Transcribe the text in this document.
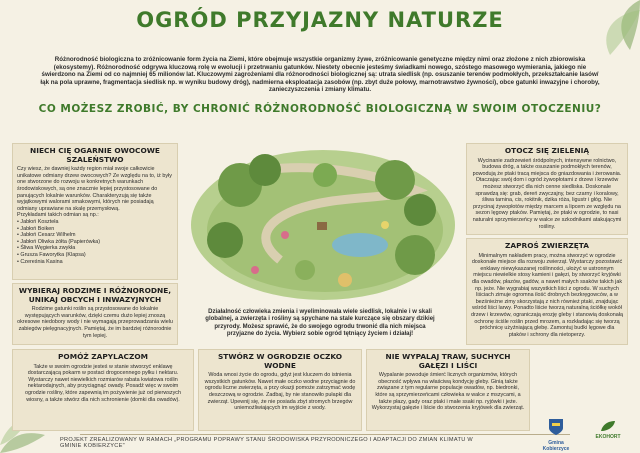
OGRÓD PRZYJAZNY NATURZE
Różnorodność biologiczna to zróżnicowanie form życia na Ziemi, które obejmuje wszystkie organizmy żywe, zróżnicowanie genetyczne między nimi oraz złożone z nich zbiorowiska (ekosystemy). Różnorodność odgrywa kluczową rolę w ewolucji i przetrwaniu gatunków. Niestety obecnie jesteśmy świadkami nowego, szóstego masowego wymierania, jakiego nie świerdzono na Ziemi od co najmniej 65 milionów lat. Kluczowymi zagrożeniami dla różnorodności biologicznej są: utrata siedlisk (np. osuszanie terenów podmokłych, przekształcanie lasów/łąk na pola uprawne, fragmentacja siedlisk np. w wyniku budowy dróg), nadmierna eksploatacja zasobów (np. zbyt duże połowy, marnotrawstwo żywności), obce gatunki inwazyjne i choroby, zanieczyszczenia i zmiany klimatu.
CO MOŻESZ ZROBIĆ, BY CHRONIĆ RÓŻNORODNOŚĆ BIOLOGICZNĄ W SWOIM OTOCZENIU?
NIECH CIĘ OGARNIE OWOCOWE SZALEŃSTWO

Czy wiesz, że dawniej każdy region miał swoje całkowicie unikatowe odmiany drzew owocowych? Ze względu na to, iż były one stworzone do rozwoju w konkretnych warunkach środowiskowych, są one znacznie lepiej przystosowane do panujących lokalnie warunków. Charakteryzują się także wyjątkowymi walorami smakowymi, których nie posiadają odmiany uprawiane na skalę przemysłową.

Przykładami takich odmian są np.:

• Jabłoń Koszteła
• Jabłoń Boiken
• Jabłoń Cesarz Wilhelm
• Jabłoń Oliwka żółta (Papierówka)
• Śliwa Węgierka zwykła
• Grusza Faworytka (Klapsa)
• Czereśnia Kasina
WYBIERAJ RODZIME I RÓŻNORODNE, UNIKAJ OBCYCH I INWAZYJNYCH

Rodzime gatunki roślin są przystosowane do lokalnie występujących warunków, dzięki czemu dużo lepiej znoszą okresowe niedobory wody i nie wymagają przeprowadzania wielu zabiegów pielęgnacyjnych. Pamiętaj, że im bardziej różnorodnie tym lepiej.

POMÓŻ ZAPYLACZOM

Także w swoim ogrodzie jesteś w stanie stworzyć enklawę dostarczającą pokarm w postaci drogocennego pyłku i nektaru. Wystarczy nawet niewielkich rozmiarów rabata kwiatowa roślin nektarodajnych, aby przyciągnąć owady. Posadź więc w swoim ogrodzie rośliny, które zapewnią im pożywienie już od pierwszych wiosny, a także stwórz dla nich schronienie (domki dla owadów).

STWÓRZ W OGRODZIE OCZKO WODNE

Woda wnosi życie do ogrodu, gdyż jest kluczem do istnienia wszystkich gatunków. Nawet małe oczko wodne przyciągnie do ogrodu liczne zwierzęta, a przy okazji pomoże zatrzymać wodę deszczową w ogrodzie. Zadbaj, by nie stanowiło pułapki dla zwierząt. Upewnij się, że nie posiada zbyt stromych brzegów uniemożliwiających im wyjście z wody.

NIE WYPALAJ TRAW, SUCHYCH GAŁĘZI I LIŚCI

Wypalanie powoduje śmierć licznych organizmów, których obecność wpływa na właściwą kondycję gleby. Ginią także związane z tym regularne populacje owadów, np. biedronki, które są sprzymierzeńcami człowieka w walce z mszycami, a także płazy, gady oraz ptaki i małe ssaki np. ryjówki i jeże. Wykorzystaj gałęzie i liście do stworzenia kryjówek dla zwierząt.

OTOCZ SIĘ ZIELENIĄ

Wycinanie zadrzewień śródpolnych, intensywne rolnictwo, budowa dróg, a także osuszanie podmokłych terenów, powodują że ptaki tracą miejsca do gniazdowania i żerowania. Otaczając swój dom i ogród żywopłotami z drzew i krzewów możesz stworzyć dla nich cenne siedliska. Doskonale sprawdzą się: grab, dereń zwyczajny, bez czarny i koralowy, śliwa tarnina, cis, rokitnik, dzika róża, ligustr i głóg. Nie przycinaj żywopłotów między marcem a lipcem ze względu na sezon lęgowy ptaków. Pamiętaj, że ptaki w ogrodzie, to nasi naturalni sprzymierzeńcy w walce ze szkodnikami atakującymi rośliny.

ZAPROŚ ZWIERZĘTA

Minimalnym nakładem pracy, można stworzyć w ogrodzie doskonałe miejsce dla rozwoju zwierząt. Wystarczy pozostawić enklawy niewykaszanej roślinności, ułożyć w ustronnym miejscu niewielkie stosy kamieni i gałęzi, by stworzyć kryjówki dla owadów, płazów, gadów, a nawet małych ssaków takich jak np. jeże. Nie wygrabiaj wszystkich liści z ogrodu. W suchych liściach zimuje ogromna ilość drobnych bezkręgowców, a w bezśnieżne zimy skorzystają z nich również ptaki, znajdując wśród liści larwy. Ponadto liście tworzą naturalną ściółkę wokół drzew i krzewów, ograniczają erozję gleby i stanowią doskonałą ochronę ściśle roślin przed mrozem, a rozkładając się tworzą próchnicę użyźniającą glebę. Zamontuj budki lęgowe dla ptaków i schrony dla nietoperzy.

Działalność człowieka zmienia i wyeliminowała wiele siedlisk, lokalnie i w skali globalnej, a zwierzęta i rośliny są spychane na stale kurczące się obszary dzikiej przyrody. Możesz sprawić, że do swojego ogrodu trwonić dla nich miejsca przyjazne do życia. Wybierz sobie ogród tętniący życiem i działaj!
PROJEKT ZREALIZOWANY W RAMACH „PROGRAMU POPRAWY STANU ŚRODOWISKA PRZYRODNICZEGO I ADAPTACJI DO ZMIAN KLIMATU W GMINIE KOBIERZYCE"	Gmina
Kobierzyce
EKOHORT
